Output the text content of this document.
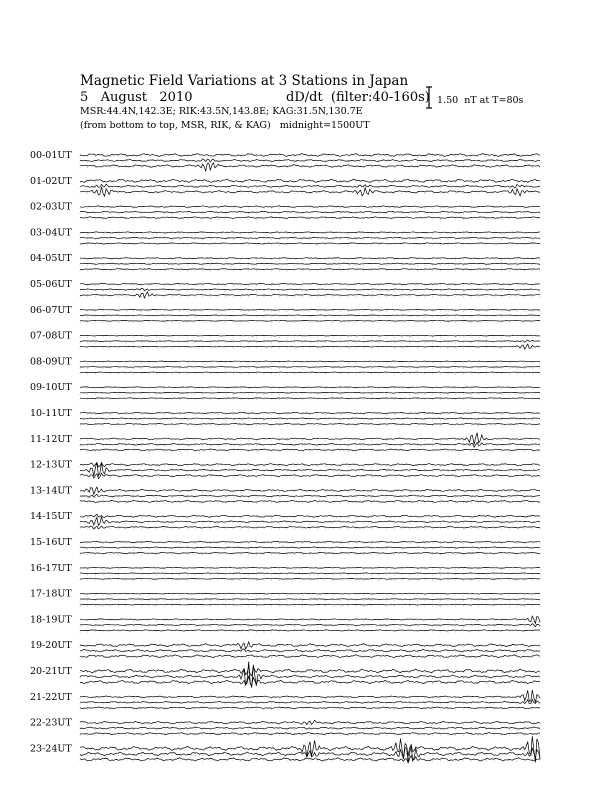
Magnetic Field Variations at 3 Stations in Japan
5   August   2010	dD/dt  (filter:40-160s)
MSR:44.4N,142.3E; RIK:43.5N,143.8E; KAG:31.5N,130.7E
(from bottom to top, MSR, RIK, & KAG)   midnight=1500UT
1.50  nT at T=80s
00-01UT
01-02UT
02-03UT
03-04UT
04-05UT
05-06UT
06-07UT
07-08UT
08-09UT
09-10UT
10-11UT
11-12UT
12-13UT
13-14UT
14-15UT
15-16UT
16-17UT
17-18UT
18-19UT
19-20UT
20-21UT
21-22UT
22-23UT
23-24UT
